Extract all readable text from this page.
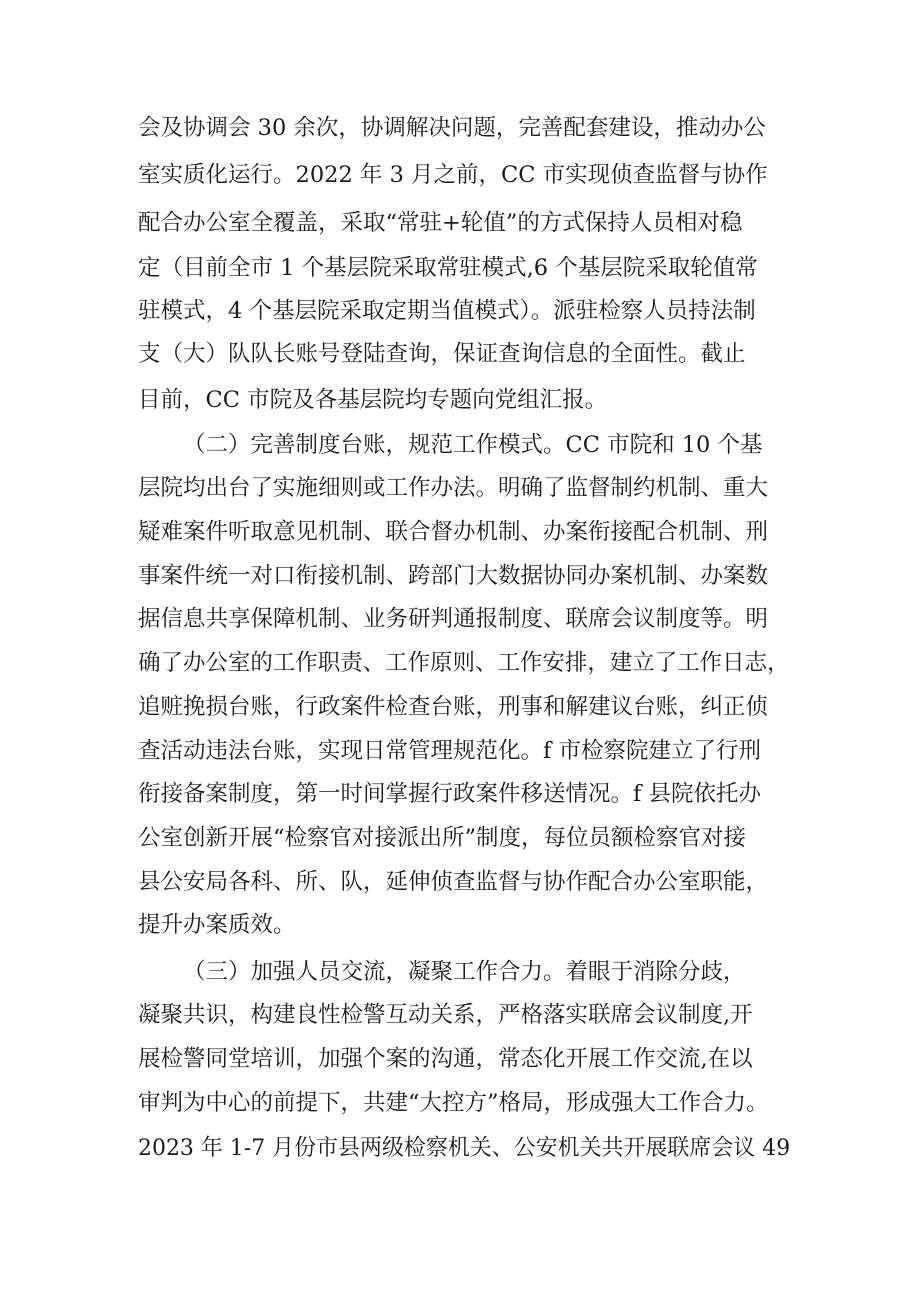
会及协调会 30 余次，协调解决问题，完善配套建设，推动办公
室实质化运行。2022 年 3 月之前，CC 市实现侦查监督与协作
配合办公室全覆盖，采取“常驻+轮值”的方式保持人员相对稳
定（目前全市 1 个基层院采取常驻模式,6 个基层院采取轮值常
驻模式，4 个基层院采取定期当值模式）。派驻检察人员持法制
支（大）队队长账号登陆查询，保证查询信息的全面性。截止
目前，CC 市院及各基层院均专题向党组汇报。
（二）完善制度台账，规范工作模式。CC 市院和 10 个基
层院均出台了实施细则或工作办法。明确了监督制约机制、重大
疑难案件听取意见机制、联合督办机制、办案衔接配合机制、刑
事案件统一对口衔接机制、跨部门大数据协同办案机制、办案数
据信息共享保障机制、业务研判通报制度、联席会议制度等。明
确了办公室的工作职责、工作原则、工作安排，建立了工作日志，
追赃挽损台账，行政案件检查台账，刑事和解建议台账，纠正侦
查活动违法台账，实现日常管理规范化。f 市检察院建立了行刑
衔接备案制度，第一时间掌握行政案件移送情况。f 县院依托办
公室创新开展“检察官对接派出所”制度，每位员额检察官对接
县公安局各科、所、队，延伸侦查监督与协作配合办公室职能，
提升办案质效。
（三）加强人员交流，凝聚工作合力。着眼于消除分歧，
凝聚共识，构建良性检警互动关系，严格落实联席会议制度,开
展检警同堂培训，加强个案的沟通，常态化开展工作交流,在以
审判为中心的前提下，共建“大控方”格局，形成强大工作合力。
2023 年 1-7 月份市县两级检察机关、公安机关共开展联席会议 49
